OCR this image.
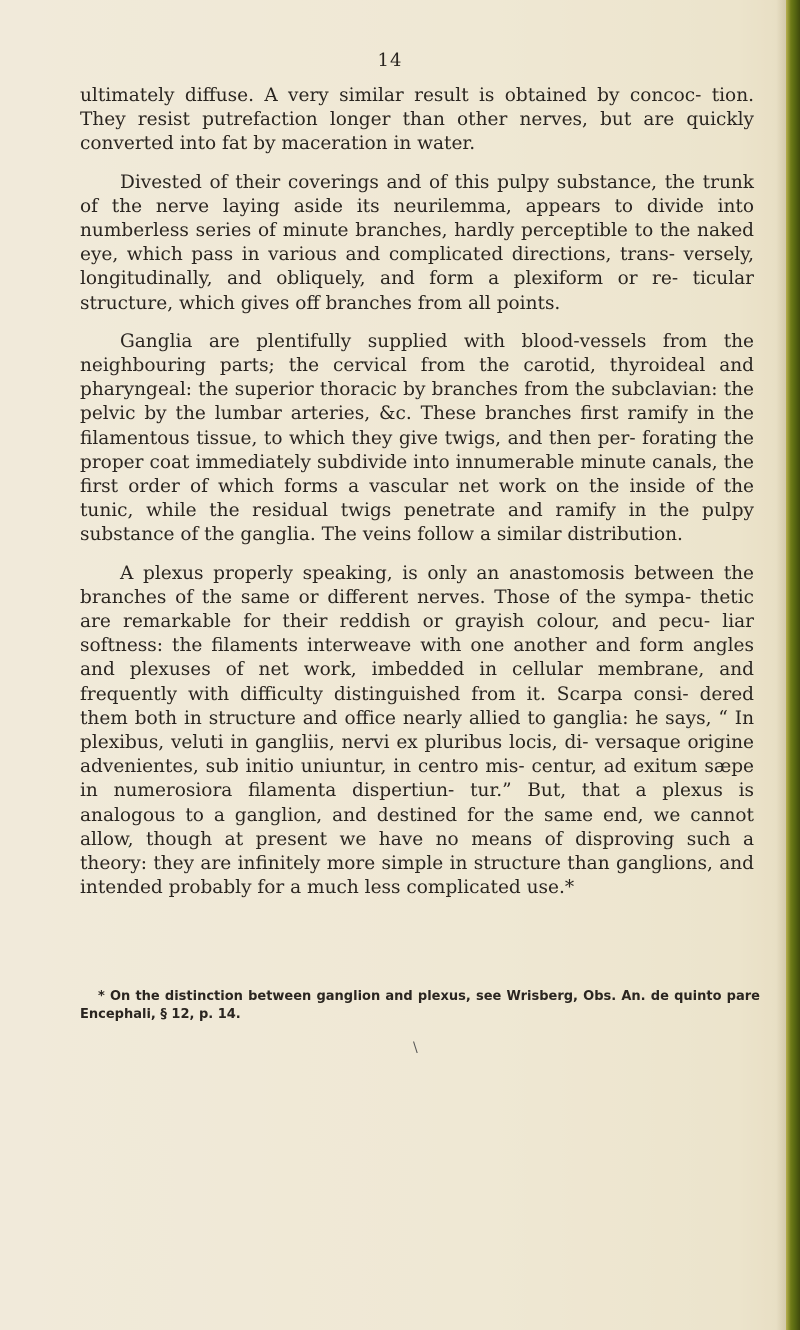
14

ultimately diffuse. A very similar result is obtained by concoc- tion. They resist putrefaction longer than other nerves, but are quickly converted into fat by maceration in water.

Divested of their coverings and of this pulpy substance, the trunk of the nerve laying aside its neurilemma, appears to divide into numberless series of minute branches, hardly perceptible to the naked eye, which pass in various and complicated directions, trans- versely, longitudinally, and obliquely, and form a plexiform or re- ticular structure, which gives off branches from all points.

Ganglia are plentifully supplied with blood-vessels from the neighbouring parts; the cervical from the carotid, thyroideal and pharyngeal: the superior thoracic by branches from the subclavian: the pelvic by the lumbar arteries, &c. These branches first ramify in the filamentous tissue, to which they give twigs, and then per- forating the proper coat immediately subdivide into innumerable minute canals, the first order of which forms a vascular net work on the inside of the tunic, while the residual twigs penetrate and ramify in the pulpy substance of the ganglia. The veins follow a similar distribution.

A plexus properly speaking, is only an anastomosis between the branches of the same or different nerves. Those of the sympa- thetic are remarkable for their reddish or grayish colour, and pecu- liar softness: the filaments interweave with one another and form angles and plexuses of net work, imbedded in cellular membrane, and frequently with difficulty distinguished from it. Scarpa consi- dered them both in structure and office nearly allied to ganglia: he says, “ In plexibus, veluti in gangliis, nervi ex pluribus locis, di- versaque origine advenientes, sub initio uniuntur, in centro mis- centur, ad exitum sæpe in numerosiora filamenta dispertiun- tur.” But, that a plexus is analogous to a ganglion, and destined for the same end, we cannot allow, though at present we have no means of disproving such a theory: they are infinitely more simple in structure than ganglions, and intended probably for a much less complicated use.*

* On the distinction between ganglion and plexus, see Wrisberg, Obs. An. de quinto pare Encephali, § 12, p. 14.
\
